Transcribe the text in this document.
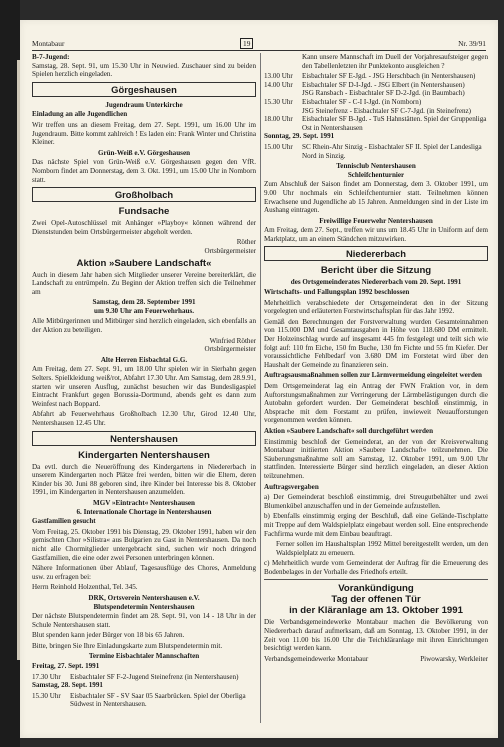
Montabaur	19	Nr. 39/91

B-7-Jugend:
Samstag, 28. Sept. 91, um 15.30 Uhr in Neuwied. Zuschauer sind zu beiden Spielen herzlich eingeladen.

Görgeshausen
Jugendraum Unterkirche

Einladung an alle Jugendlichen

Wir treffen uns an diesem Freitag, dem 27. Sept. 1991, um 16.00 Uhr im Jugendraum. Bitte kommt zahlreich ! Es laden ein: Frank Winter und Christina Kleiner.

Grün-Weiß e.V. Görgeshausen

Das nächste Spiel von Grün-Weiß e.V. Görgeshausen gegen den VfR. Nomborn findet am Donnerstag, dem 3. Okt. 1991, um 15.00 Uhr in Nomborn statt.

Großholbach
Fundsache

Zwei Opel-Autoschlüssel mit Anhänger »Playboy« können während der Dienststunden beim Ortsbürgermeister abgeholt werden.

Röther
Ortsbürgermeister

Aktion »Saubere Landschaft«

Auch in diesem Jahr haben sich Mitglieder unserer Vereine bereiterklärt, die Landschaft zu entrümpeln. Zu Beginn der Aktion treffen sich die Teilnehmer am

Samstag, dem 28. September 1991
um 9.30 Uhr am Feuerwehrhaus.

Alle Mitbürgerinnen und Mitbürger sind herzlich eingeladen, sich ebenfalls an der Aktion zu beteiligen.

Winfried Röther
Ortsbürgermeister

Alte Herren Eisbachtal G.G.

Am Freitag, dem 27. Sept. 91, um 18.00 Uhr spielen wir in Sierhahn gegen Selters. Spielkleidung weiß/rot, Abfahrt 17.30 Uhr. Am Samstag, dem 28.9.91, starten wir unseren Ausflug, zunächst besuchen wir das Bundesligaspiel Eintracht Frankfurt gegen Borussia-Dortmund, abends geht es dann zum Weinfest nach Boppard.

Abfahrt ab Feuerwehrhaus Großholbach 12.30 Uhr, Girod 12.40 Uhr, Nentershausen 12.45 Uhr.

Nentershausen
Kindergarten Nentershausen

Da evtl. durch die Neueröffnung des Kindergartens in Niedererbach in unserem Kindergarten noch Plätze frei werden, bitten wir die Eltern, deren Kinder bis 30. Juni 88 geboren sind, ihre Kinder bei Interesse bis 8. Oktober 1991, im Kindergarten in Nentershausen anzumelden.

MGV »Eintracht« Nentershausen
6. Internationale Chortage in Nentershausen

Gastfamilien gesucht

Vom Freitag, 25. Oktober 1991 bis Dienstag, 29. Oktober 1991, haben wir den gemischten Chor »Silistra« aus Bulgarien zu Gast in Nentershausen. Da noch nicht alle Chormitglieder untergebracht sind, suchen wir noch dringend Gastfamilien, die eine oder zwei Personen unterbringen können.

Nähere Informationen über Ablauf, Tagesausflüge des Chores, Anmeldung usw. zu erfragen bei:

Herrn Reinhold Holzenthal, Tel. 345.

DRK, Ortsverein Nentershausen e.V.
Blutspendetermin Nentershausen

Der nächste Blutspendetermin findet am 28. Sept. 91, von 14 - 18 Uhr in der Schule Nentershausen statt.

Blut spenden kann jeder Bürger von 18 bis 65 Jahren.

Bitte, bringen Sie Ihre Einladungskarte zum Blutspendetermin mit.

Termine Eisbachtaler Mannschaften

Freitag, 27. Sept. 1991

17.30 Uhr	Eisbachtaler SF F-2-Jugend Steinefrenz (in Nentershausen)

Samstag, 28. Sept. 1991

15.30 Uhr	Eisbachtaler SF - SV Saar 05 Saarbrücken. Spiel der Oberliga Südwest in Nentershausen.

Kann unsere Mannschaft im Duell der Vorjahresaufsteiger gegen den Tabellenletzten ihr Punktekonto ausgleichen ?

13.00 Uhr	Eisbachtaler SF E-Jgd. - JSG Herschbach (in Nentershausen)
14.00 Uhr	Eisbachtaler SF D-I-Jgd. - JSG Elbert (in Nentershausen)
JSG Ransbach - Eisbachtaler SF D-2-Jgd. (in Baumbach)
15.30 Uhr	Eisbachtaler SF - C-I I-Jgd. (in Nomborn)
JSG Steinefrenz - Eisbachtaler SF C-7-Jgd. (in Steinefrenz)
18.00 Uhr	Eisbachtaler SF B-Jgd. - TuS Hahnstätten. Spiel der Gruppenliga Ost in Nentershausen

Sonntag, 29. Sept. 1991

15.00 Uhr	SC Rhein-Ahr Sinzig - Eisbachtaler SF II. Spiel der Landesliga Nord in Sinzig.
Tennisclub Nentershausen
Schleifchenturnier

Zum Abschluß der Saison findet am Donnerstag, dem 3. Oktober 1991, um 9.00 Uhr nochmals ein Schleifchenturnier statt. Teilnehmen können Erwachsene und Jugendliche ab 15 Jahren. Anmeldungen sind in der Liste im Aushang eintragen.

Freiwillige Feuerwehr Nentershausen

Am Freitag, dem 27. Sept., treffen wir uns um 18.45 Uhr in Uniform auf dem Marktplatz, um an einem Ständchen mitzuwirken.

Niedererbach
Bericht über die Sitzung
des Ortsgemeinderates Niedererbach vom 20. Sept. 1991

Wirtschafts- und Fallungsplan 1992 beschlossen

Mehrheitlich verabschiedete der Ortsgemeinderat den in der Sitzung vorgelegten und erläuterten Forstwirtschaftsplan für das Jahr 1992.

Gemäß den Berechnungen der Forstverwaltung wurden Gesamteinnahmen von 115.000 DM und Gesamtausgaben in Höhe von 118.680 DM ermittelt. Der Holzeinschlag wurde auf insgesamt 445 fm festgelegt und teilt sich wie folgt auf: 110 fm Eiche, 150 fm Buche, 130 fm Fichte und 55 fm Kiefer. Der voraussichtliche Fehlbedarf von 3.680 DM im Forstetat wird über den Haushalt der Gemeinde zu finanzieren sein.

Auftragsausmaßnahmen sollen zur Lärmvermeidung eingeleitet werden

Dem Ortsgemeinderat lag ein Antrag der FWN Fraktion vor, in dem Auftorstungsmaßnahmen zur Verringerung der Lärmbelästigungen durch die Autobahn gefordert wurden. Der Gemeinderat beschloß einstimmig, in Absprache mit dem Forstamt zu prüfen, inwieweit Neuaufforstungen vorgenommen werden können.

Aktion »Saubere Landschaft« soll durchgeführt werden

Einstimmig beschloß der Gemeinderat, an der von der Kreisverwaltung Montabaur initiierten Aktion »Saubere Landschaft« teilzunehmen. Die Säuberungsmaßnahme soll am Samstag, 12. Oktober 1991, um 9.00 Uhr stattfinden. Interessierte Bürger sind herzlich eingeladen, an dieser Aktion teilzunehmen.

Auftragsvergaben

a) Der Gemeinderat beschloß einstimmig, drei Streugutbehälter und zwei Blumenkübel anzuschaffen und in der Gemeinde aufzustellen.

b) Ebenfalls einstimmig erging der Beschluß, daß eine Gelände-Tischplatte mit Treppe auf dem Waldspielplatz eingebaut werden soll. Eine entsprechende Fachfirma wurde mit dem Einbau beauftragt.

Ferner sollen im Haushaltsplan 1992 Mittel bereitgestellt werden, um den Waldspielplatz zu erneuern.

c) Mehrheitlich wurde vom Gemeinderat der Auftrag für die Erneuerung des Bodenbelages in der Vorhalle des Friedhofs erteilt.

Vorankündigung
Tag der offenen Tür
in der Kläranlage am 13. Oktober 1991

Die Verbandsgemeindewerke Montabaur machen die Bevölkerung von Niedererbach darauf aufmerksam, daß am Sonntag, 13. Oktober 1991, in der Zeit von 11.00 bis 16.00 Uhr die Teichkläranlage mit ihren Einrichtungen besichtigt werden kann.

Verbandsgemeindewerke Montabaur	Piwowarsky, Werkleiter
